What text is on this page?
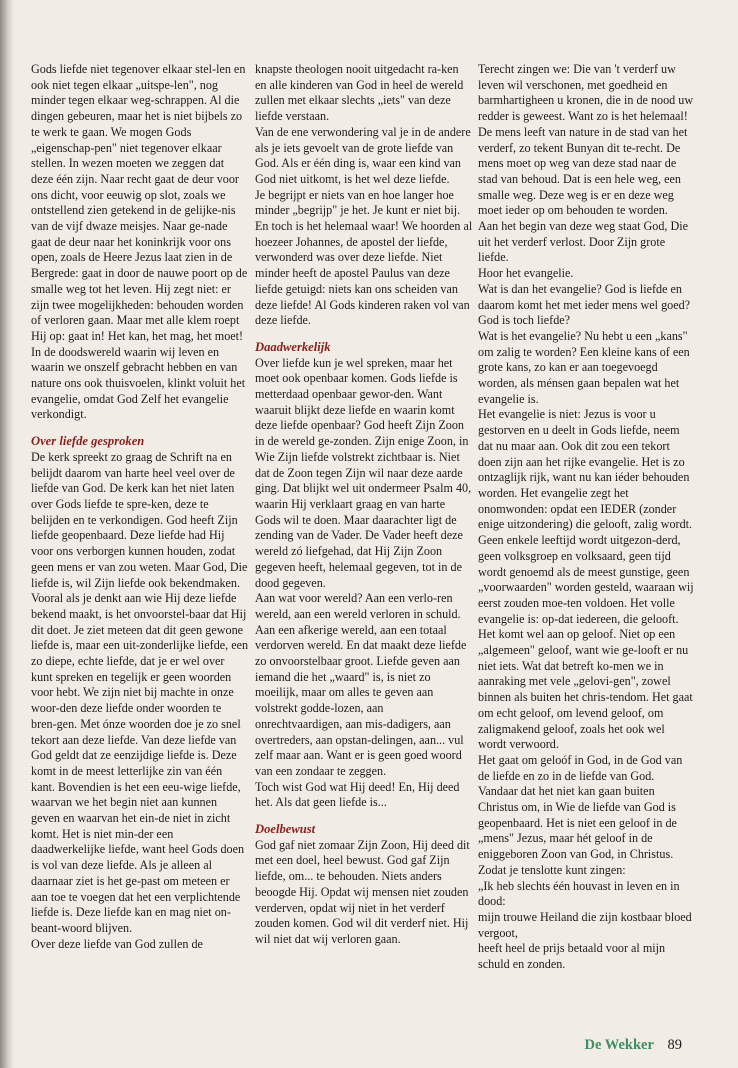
Gods liefde niet tegenover elkaar stel-len en ook niet tegen elkaar „uitspe-len", nog minder tegen elkaar weg-schrappen. Al die dingen gebeuren, maar het is niet bijbels zo te werk te gaan. We mogen Gods „eigenschap-pen" niet tegenover elkaar stellen. In wezen moeten we zeggen dat deze één zijn. Naar recht gaat de deur voor ons dicht, voor eeuwig op slot, zoals we ontstellend zien getekend in de gelijke-nis van de vijf dwaze meisjes. Naar ge-nade gaat de deur naar het koninkrijk voor ons open, zoals de Heere Jezus laat zien in de Bergrede: gaat in door de nauwe poort op de smalle weg tot het leven. Hij zegt niet: er zijn twee mogelijkheden: behouden worden of verloren gaan. Maar met alle klem roept Hij op: gaat in! Het kan, het mag, het moet!

In de doodswereld waarin wij leven en waarin we onszelf gebracht hebben en van nature ons ook thuisvoelen, klinkt voluit het evangelie, omdat God Zelf het evangelie verkondigt.

Over liefde gesproken

De kerk spreekt zo graag de Schrift na en belijdt daarom van harte heel veel over de liefde van God. De kerk kan het niet laten over Gods liefde te spre-ken, deze te belijden en te verkondigen. God heeft Zijn liefde geopenbaard. Deze liefde had Hij voor ons verborgen kunnen houden, zodat geen mens er van zou weten. Maar God, Die liefde is, wil Zijn liefde ook bekendmaken. Vooral als je denkt aan wie Hij deze liefde bekend maakt, is het onvoorstel-baar dat Hij dit doet. Je ziet meteen dat dit geen gewone liefde is, maar een uit-zonderlijke liefde, een zo diepe, echte liefde, dat je er wel over kunt spreken en tegelijk er geen woorden voor hebt. We zijn niet bij machte in onze woor-den deze liefde onder woorden te bren-gen. Met ónze woorden doe je zo snel tekort aan deze liefde. Van deze liefde van God geldt dat ze eenzijdige liefde is. Deze komt in de meest letterlijke zin van één kant. Bovendien is het een eeu-wige liefde, waarvan we het begin niet aan kunnen geven en waarvan het ein-de niet in zicht komt. Het is niet min-der een daadwerkelijke liefde, want heel Gods doen is vol van deze liefde. Als je alleen al daarnaar ziet is het ge-past om meteen er aan toe te voegen dat het een verplichtende liefde is. Deze liefde kan en mag niet on-beant-woord blijven.

Over deze liefde van God zullen de

knapste theologen nooit uitgedacht ra-ken en alle kinderen van God in heel de wereld zullen met elkaar slechts „iets" van deze liefde verstaan.

Van de ene verwondering val je in de andere als je iets gevoelt van de grote liefde van God. Als er één ding is, waar een kind van God niet uitkomt, is het wel deze liefde.

Je begrijpt er niets van en hoe langer hoe minder „begrijp" je het. Je kunt er niet bij. En toch is het helemaal waar! We hoorden al hoezeer Johannes, de apostel der liefde, verwonderd was over deze liefde. Niet minder heeft de apostel Paulus van deze liefde getuigd: niets kan ons scheiden van deze liefde! Al Gods kinderen raken vol van deze liefde.

Daadwerkelijk

Over liefde kun je wel spreken, maar het moet ook openbaar komen. Gods liefde is metterdaad openbaar gewor-den. Want waaruit blijkt deze liefde en waarin komt deze liefde openbaar? God heeft Zijn Zoon in de wereld ge-zonden. Zijn enige Zoon, in Wie Zijn liefde volstrekt zichtbaar is. Niet dat de Zoon tegen Zijn wil naar deze aarde ging. Dat blijkt wel uit ondermeer Psalm 40, waarin Hij verklaart graag en van harte Gods wil te doen. Maar daarachter ligt de zending van de Vader. De Vader heeft deze wereld zó liefgehad, dat Hij Zijn Zoon gegeven heeft, helemaal gegeven, tot in de dood gegeven.

Aan wat voor wereld? Aan een verlo-ren wereld, aan een wereld verloren in schuld. Aan een afkerige wereld, aan een totaal verdorven wereld. En dat maakt deze liefde zo onvoorstelbaar groot. Liefde geven aan iemand die het „waard" is, is niet zo moeilijk, maar om alles te geven aan volstrekt godde-lozen, aan onrechtvaardigen, aan mis-dadigers, aan overtreders, aan opstan-delingen, aan... vul zelf maar aan. Want er is geen goed woord van een zondaar te zeggen.

Toch wist God wat Hij deed! En, Hij deed het. Als dat geen liefde is...

Doelbewust

God gaf niet zomaar Zijn Zoon, Hij deed dit met een doel, heel bewust. God gaf Zijn liefde, om... te behouden. Niets anders beoogde Hij. Opdat wij mensen niet zouden verderven, opdat wij niet in het verderf zouden komen. God wil dit verderf niet. Hij wil niet dat wij verloren gaan.

Terecht zingen we: Die van 't verderf uw leven wil verschonen, met goedheid en barmhartigheen u kronen, die in de nood uw redder is geweest. Want zo is het helemaal!

De mens leeft van nature in de stad van het verderf, zo tekent Bunyan dit te-recht. De mens moet op weg van deze stad naar de stad van behoud. Dat is een hele weg, een smalle weg. Deze weg is er en deze weg moet ieder op om behouden te worden.

Aan het begin van deze weg staat God, Die uit het verderf verlost. Door Zijn grote liefde.

Hoor het evangelie.

Wat is dan het evangelie? God is liefde en daarom komt het met ieder mens wel goed? God is toch liefde?

Wat is het evangelie? Nu hebt u een „kans" om zalig te worden? Een kleine kans of een grote kans, zo kan er aan toegevoegd worden, als ménsen gaan bepalen wat het evangelie is.

Het evangelie is niet: Jezus is voor u gestorven en u deelt in Gods liefde, neem dat nu maar aan. Ook dit zou een tekort doen zijn aan het rijke evangelie. Het is zo ontzaglijk rijk, want nu kan iéder behouden worden. Het evangelie zegt het onomwonden: opdat een IEDER (zonder enige uitzondering) die gelooft, zalig wordt.

Geen enkele leeftijd wordt uitgezon-derd, geen volksgroep en volksaard, geen tijd wordt genoemd als de meest gunstige, geen „voorwaarden" worden gesteld, waaraan wij eerst zouden moe-ten voldoen. Het volle evangelie is: op-dat iedereen, die gelooft.

Het komt wel aan op geloof. Niet op een „algemeen" geloof, want wie ge-looft er nu niet iets. Wat dat betreft ko-men we in aanraking met vele „gelovi-gen", zowel binnen als buiten het chris-tendom. Het gaat om echt geloof, om levend geloof, om zaligmakend geloof, zoals het ook wel wordt verwoord.

Het gaat om geloóf in God, in de God van de liefde en zo in de liefde van God. Vandaar dat het niet kan gaan buiten Christus om, in Wie de liefde van God is geopenbaard. Het is niet een geloof in de „mens" Jezus, maar hét geloof in de eniggeboren Zoon van God, in Christus.

Zodat je tenslotte kunt zingen:

„Ik heb slechts één houvast in leven en in dood:

mijn trouwe Heiland die zijn kostbaar bloed vergoot,

heeft heel de prijs betaald voor al mijn schuld en zonden.

De Wekker 89
